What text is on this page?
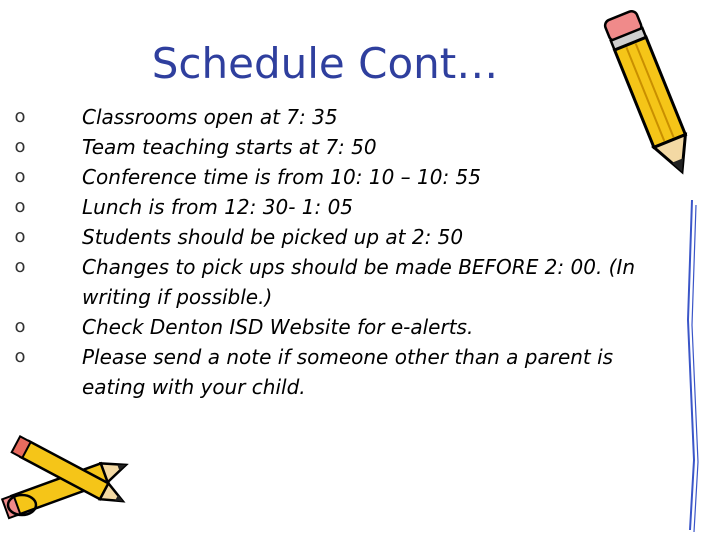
Schedule Cont…
o	Classrooms open at 7: 35
o	Team teaching starts at 7: 50
o	Conference time is from 10: 10 – 10: 55
o	Lunch is from 12: 30- 1: 05
o	Students should be picked up at 2: 50
o	Changes to pick ups should be made BEFORE 2: 00. (In writing if possible.)
o	Check Denton ISD Website for e-alerts.
o	Please send a note if someone other than a parent is eating with your child.
